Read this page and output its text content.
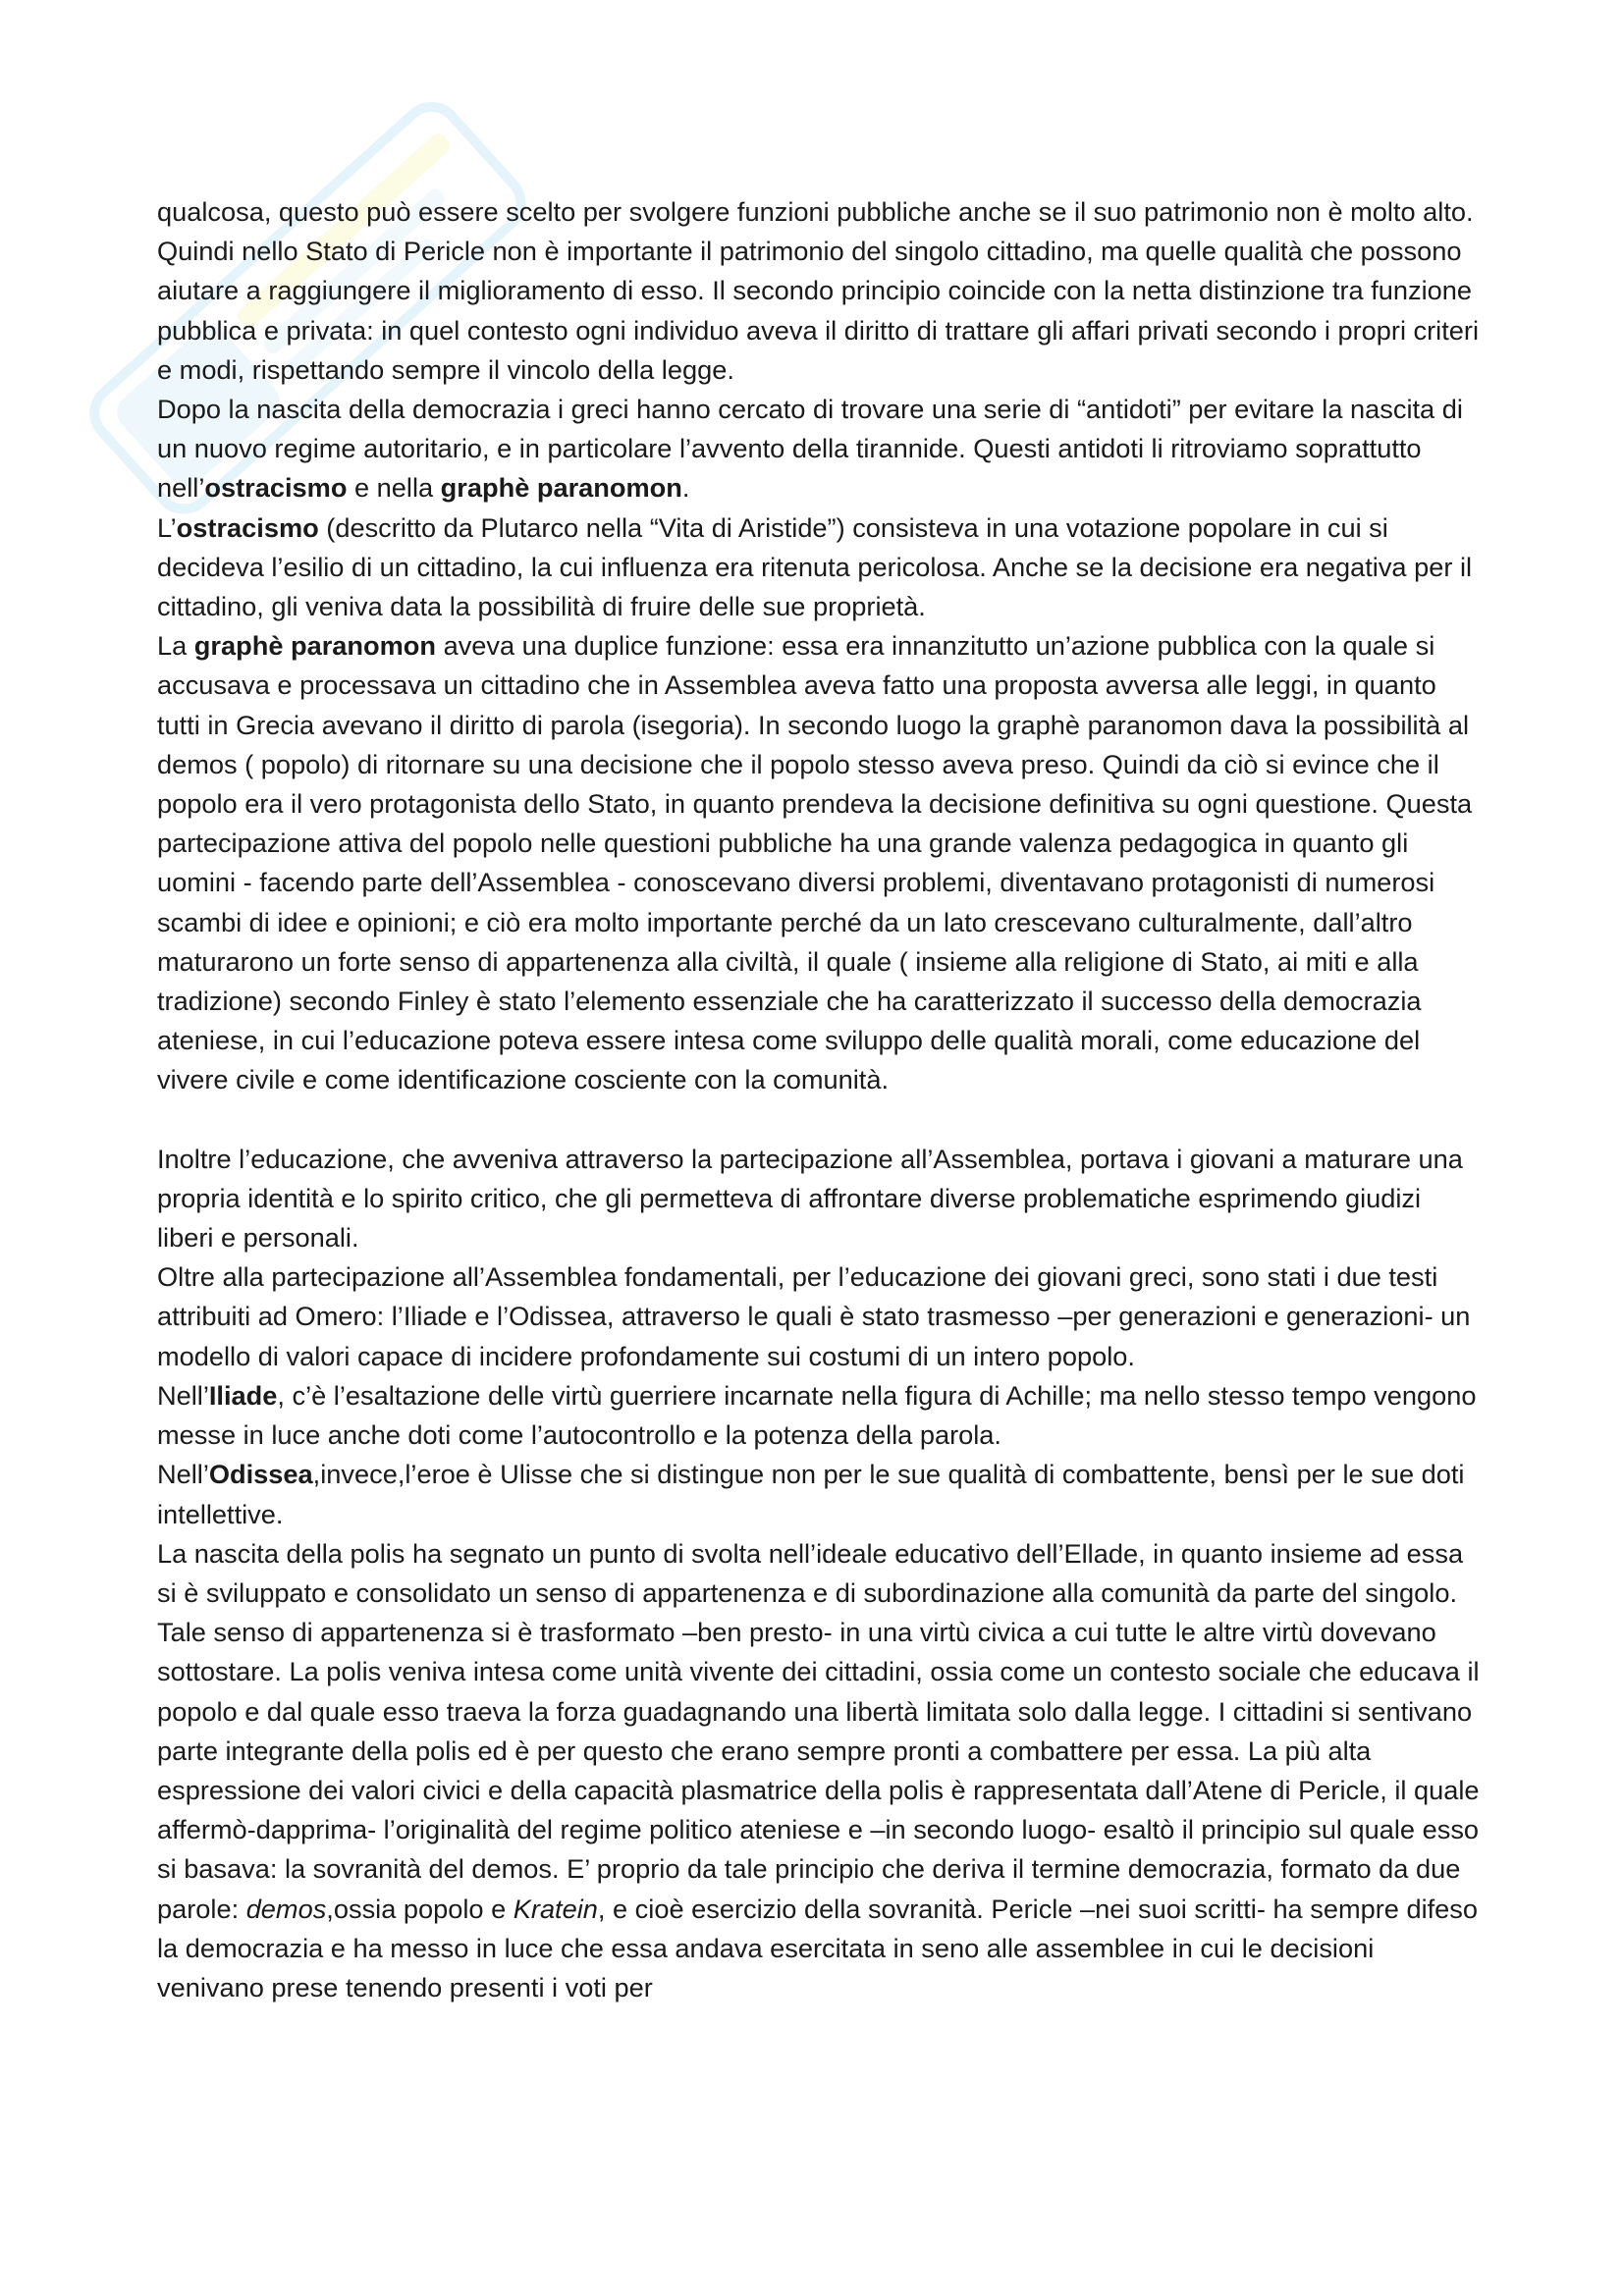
qualcosa, questo può essere scelto per svolgere funzioni pubbliche anche se il suo patrimonio non è molto alto. Quindi nello Stato di Pericle non è importante il patrimonio del singolo cittadino, ma quelle qualità che possono aiutare a raggiungere il miglioramento di esso. Il secondo principio coincide con la netta distinzione tra funzione pubblica e privata: in quel contesto ogni individuo aveva il diritto di trattare gli affari privati secondo i propri criteri e modi, rispettando sempre il vincolo della legge.

Dopo la nascita della democrazia i greci hanno cercato di trovare una serie di “antidoti” per evitare la nascita di un nuovo regime autoritario, e in particolare l’avvento della tirannide. Questi antidoti li ritroviamo soprattutto nell’ostracismo e nella graphè paranomon.

L’ostracismo (descritto da Plutarco nella “Vita di Aristide”) consisteva in una votazione popolare in cui si decideva l’esilio di un cittadino, la cui influenza era ritenuta pericolosa. Anche se la decisione era negativa per il cittadino, gli veniva data la possibilità di fruire delle sue proprietà.

La graphè paranomon aveva una duplice funzione: essa era innanzitutto un’azione pubblica con la quale si accusava e processava un cittadino che in Assemblea aveva fatto una proposta avversa alle leggi, in quanto tutti in Grecia avevano il diritto di parola (isegoria). In secondo luogo la graphè paranomon dava la possibilità al demos ( popolo) di ritornare su una decisione che il popolo stesso aveva preso. Quindi da ciò si evince che il popolo era il vero protagonista dello Stato, in quanto prendeva la decisione definitiva su ogni questione. Questa partecipazione attiva del popolo nelle questioni pubbliche ha una grande valenza pedagogica in quanto gli uomini - facendo parte dell’Assemblea - conoscevano diversi problemi, diventavano protagonisti di numerosi scambi di idee e opinioni; e ciò era molto importante perché da un lato crescevano culturalmente, dall’altro maturarono un forte senso di appartenenza alla civiltà, il quale ( insieme alla religione di Stato, ai miti e alla tradizione) secondo Finley è stato l’elemento essenziale che ha caratterizzato il successo della democrazia ateniese, in cui l’educazione poteva essere intesa come sviluppo delle qualità morali, come educazione del vivere civile e come identificazione cosciente con la comunità.

Inoltre l’educazione, che avveniva attraverso la partecipazione all’Assemblea, portava i giovani a maturare una propria identità e lo spirito critico, che gli permetteva di affrontare diverse problematiche esprimendo giudizi liberi e personali.

Oltre alla partecipazione all’Assemblea fondamentali, per l’educazione dei giovani greci, sono stati i due testi attribuiti ad Omero: l’Iliade e l’Odissea, attraverso le quali è stato trasmesso –per generazioni e generazioni- un modello di valori capace di incidere profondamente sui costumi di un intero popolo.

Nell’Iliade, c’è l’esaltazione delle virtù guerriere incarnate nella figura di Achille; ma nello stesso tempo vengono messe in luce anche doti come l’autocontrollo e la potenza della parola.

Nell’Odissea,invece,l’eroe è Ulisse che si distingue non per le sue qualità di combattente, bensì per le sue doti intellettive.

La nascita della polis ha segnato un punto di svolta nell’ideale educativo dell’Ellade, in quanto insieme ad essa si è sviluppato e consolidato un senso di appartenenza e di subordinazione alla comunità da parte del singolo. Tale senso di appartenenza si è trasformato –ben presto- in una virtù civica a cui tutte le altre virtù dovevano sottostare. La polis veniva intesa come unità vivente dei cittadini, ossia come un contesto sociale che educava il popolo e dal quale esso traeva la forza guadagnando una libertà limitata solo dalla legge. I cittadini si sentivano parte integrante della polis ed è per questo che erano sempre pronti a combattere per essa. La più alta espressione dei valori civici e della capacità plasmatrice della polis è rappresentata dall’Atene di Pericle, il quale affermò-dapprima- l’originalità del regime politico ateniese e –in secondo luogo- esaltò il principio sul quale esso si basava: la sovranità del demos. E’ proprio da tale principio che deriva il termine democrazia, formato da due parole: demos,ossia popolo e Kratein, e cioè esercizio della sovranità. Pericle –nei suoi scritti- ha sempre difeso la democrazia e ha messo in luce che essa andava esercitata in seno alle assemblee in cui le decisioni venivano prese tenendo presenti i voti per
